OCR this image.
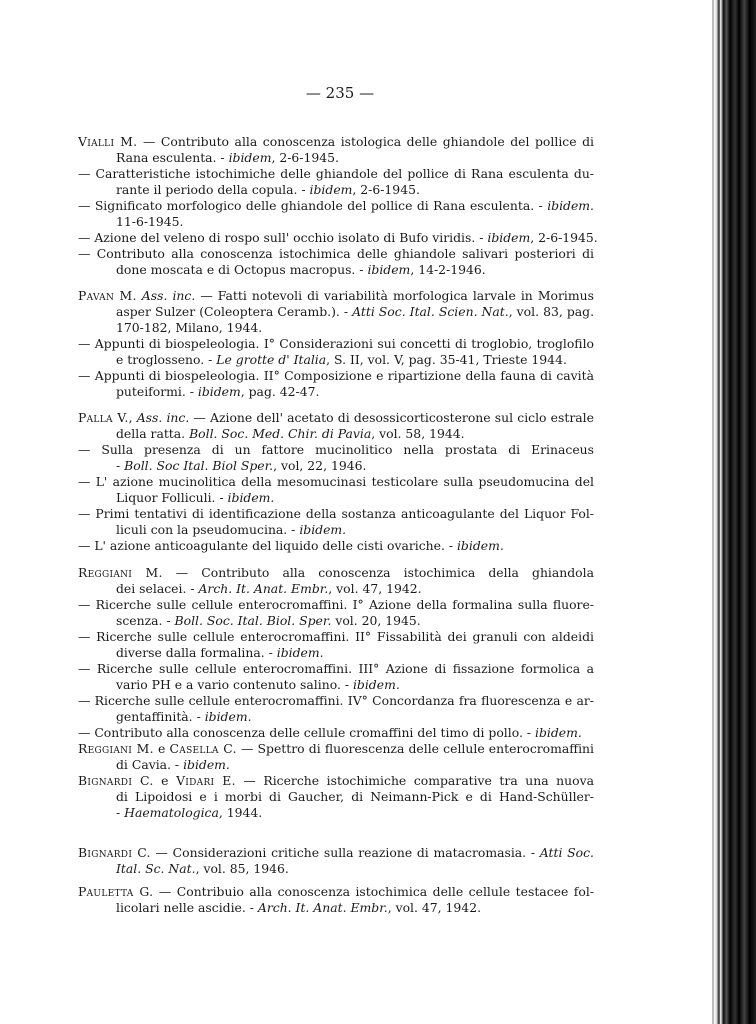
— 235 —
Vialli M. — Contributo alla conoscenza istologica delle ghiandole del pollice di
Rana esculenta. - ibidem, 2-6-1945.
— Caratteristiche istochimiche delle ghiandole del pollice di Rana esculenta du-
rante il periodo della copula. - ibidem, 2-6-1945.
— Significato morfologico delle ghiandole del pollice di Rana esculenta. - ibidem.
11-6-1945.
— Azione del veleno di rospo sull' occhio isolato di Bufo viridis. - ibidem, 2-6-1945.
— Contributo alla conoscenza istochimica delle ghiandole salivari posteriori di
done moscata e di Octopus macropus. - ibidem, 14-2-1946.
Pavan M. Ass. inc. — Fatti notevoli di variabilità morfologica larvale in Morimus
asper Sulzer (Coleoptera Ceramb.). - Atti Soc. Ital. Scien. Nat., vol. 83, pag.
170-182, Milano, 1944.
— Appunti di biospeleologia. I° Considerazioni sui concetti di troglobio, troglofilo
e troglosseno. - Le grotte d' Italia, S. II, vol. V, pag. 35-41, Trieste 1944.
— Appunti di biospeleologia. II° Composizione e ripartizione della fauna di cavità
puteiformi. - ibidem, pag. 42-47.
Palla V., Ass. inc. — Azione dell' acetato di desossicorticosterone sul ciclo estrale
della ratta. Boll. Soc. Med. Chir. di Pavia, vol. 58, 1944.
— Sulla presenza di un fattore mucinolitico nella prostata di Erinaceus
- Boll. Soc Ital. Biol Sper., vol, 22, 1946.
— L' azione mucinolitica della mesomucinasi testicolare sulla pseudomucina del
Liquor Folliculi. - ibidem.
— Primi tentativi di identificazione della sostanza anticoagulante del Liquor Fol-
liculi con la pseudomucina. - ibidem.
— L' azione anticoagulante del liquido delle cisti ovariche. - ibidem.
Reggiani M. — Contributo alla conoscenza istochimica della ghiandola
dei selacei. - Arch. It. Anat. Embr., vol. 47, 1942.
— Ricerche sulle cellule enterocromaffini. I° Azione della formalina sulla fluore-
scenza. - Boll. Soc. Ital. Biol. Sper. vol. 20, 1945.
— Ricerche sulle cellule enterocromaffini. II° Fissabilità dei granuli con aldeidi
diverse dalla formalina. - ibidem.
— Ricerche sulle cellule enterocromaffini. III° Azione di fissazione formolica a
vario PH e a vario contenuto salino. - ibidem.
— Ricerche sulle cellule enterocromaffini. IV° Concordanza fra fluorescenza e ar-
gentaffinità. - ibidem.
— Contributo alla conoscenza delle cellule cromaffini del timo di pollo. - ibidem.
Reggiani M. e Casella C. — Spettro di fluorescenza delle cellule enterocromaffini
di Cavia. - ibidem.
Bignardi C. e Vidari E. — Ricerche istochimiche comparative tra una nuova
di Lipoidosi e i morbi di Gaucher, di Neimann-Pick e di Hand-Schüller-
- Haematologica, 1944.
Bignardi C. — Considerazioni critiche sulla reazione di matacromasia. - Atti Soc.
Ital. Sc. Nat., vol. 85, 1946.
Pauletta G. — Contribuio alla conoscenza istochimica delle cellule testacee fol-
licolari nelle ascidie. - Arch. It. Anat. Embr., vol. 47, 1942.
